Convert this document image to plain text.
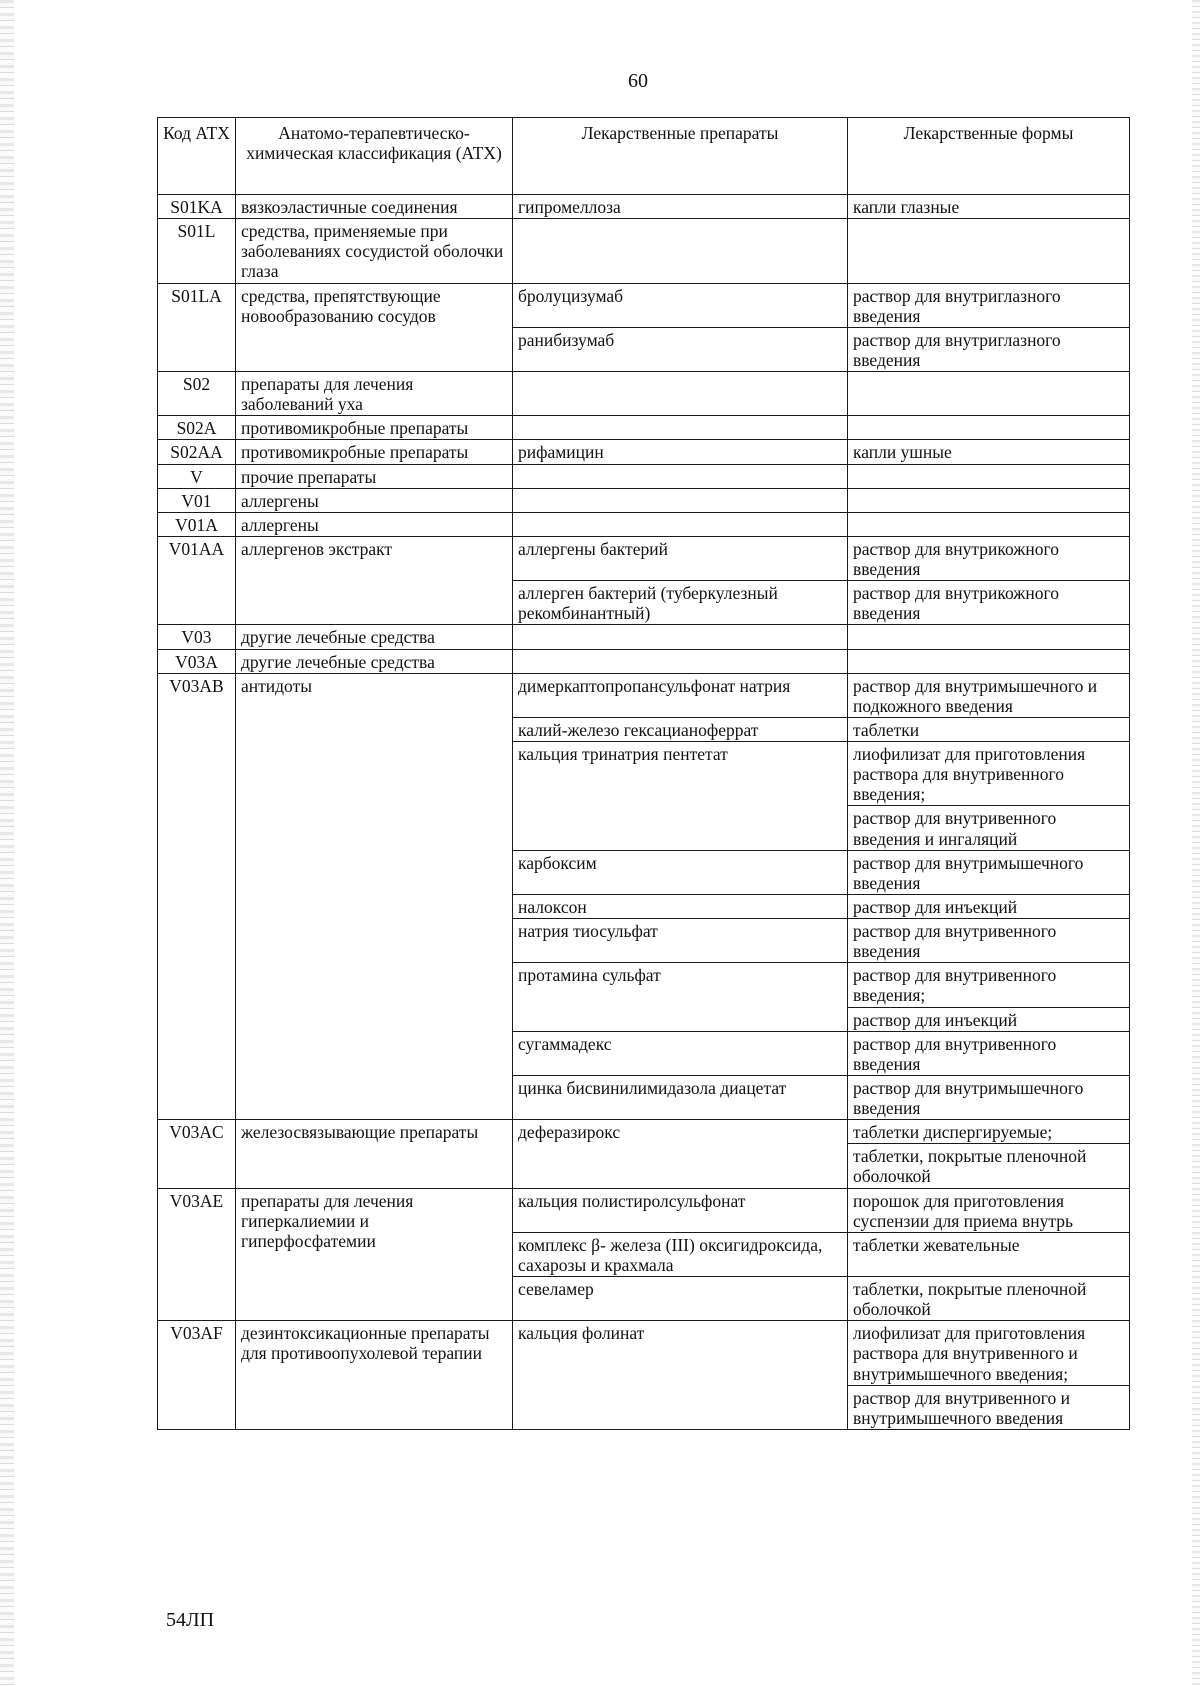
60
Код АТХ	Анатомо-терапевтическо-химическая классификация (АТХ)	Лекарственные препараты	Лекарственные формы
S01KA	вязкоэластичные соединения	гипромеллоза	капли глазные
S01L	средства, применяемые при заболеваниях сосудистой оболочки глаза		
S01LA	средства, препятствующие новообразованию сосудов	бролуцизумаб	раствор для внутриглазного введения
		ранибизумаб	раствор для внутриглазного введения
S02	препараты для лечения заболеваний уха		
S02A	противомикробные препараты		
S02AA	противомикробные препараты	рифамицин	капли ушные
V	прочие препараты		
V01	аллергены		
V01A	аллергены		
V01AA	аллергенов экстракт	аллергены бактерий	раствор для внутрикожного введения
		аллерген бактерий (туберкулезный рекомбинантный)	раствор для внутрикожного введения
V03	другие лечебные средства		
V03A	другие лечебные средства		
V03AB	антидоты	димеркаптопропансульфонат натрия	раствор для внутримышечного и подкожного введения
		калий-железо гексацианоферрат	таблетки
		кальция тринатрия пентетат	лиофилизат для приготовления раствора для внутривенного введения;
			раствор для внутривенного введения и ингаляций
		карбоксим	раствор для внутримышечного введения
		налоксон	раствор для инъекций
		натрия тиосульфат	раствор для внутривенного введения
		протамина сульфат	раствор для внутривенного введения;
			раствор для инъекций
		сугаммадекс	раствор для внутривенного введения
		цинка бисвинилимидазола диацетат	раствор для внутримышечного введения
V03AC	железосвязывающие препараты	деферазирокс	таблетки диспергируемые;
			таблетки, покрытые пленочной оболочкой
V03AE	препараты для лечения гиперкалиемии и гиперфосфатемии	кальция полистиролсульфонат	порошок для приготовления суспензии для приема внутрь
		комплекс β- железа (III) оксигидроксида, сахарозы и крахмала	таблетки жевательные
		севеламер	таблетки, покрытые пленочной оболочкой
V03AF	дезинтоксикационные препараты для противоопухолевой терапии	кальция фолинат	лиофилизат для приготовления раствора для внутривенного и внутримышечного введения;
			раствор для внутривенного и внутримышечного введения
54ЛП
